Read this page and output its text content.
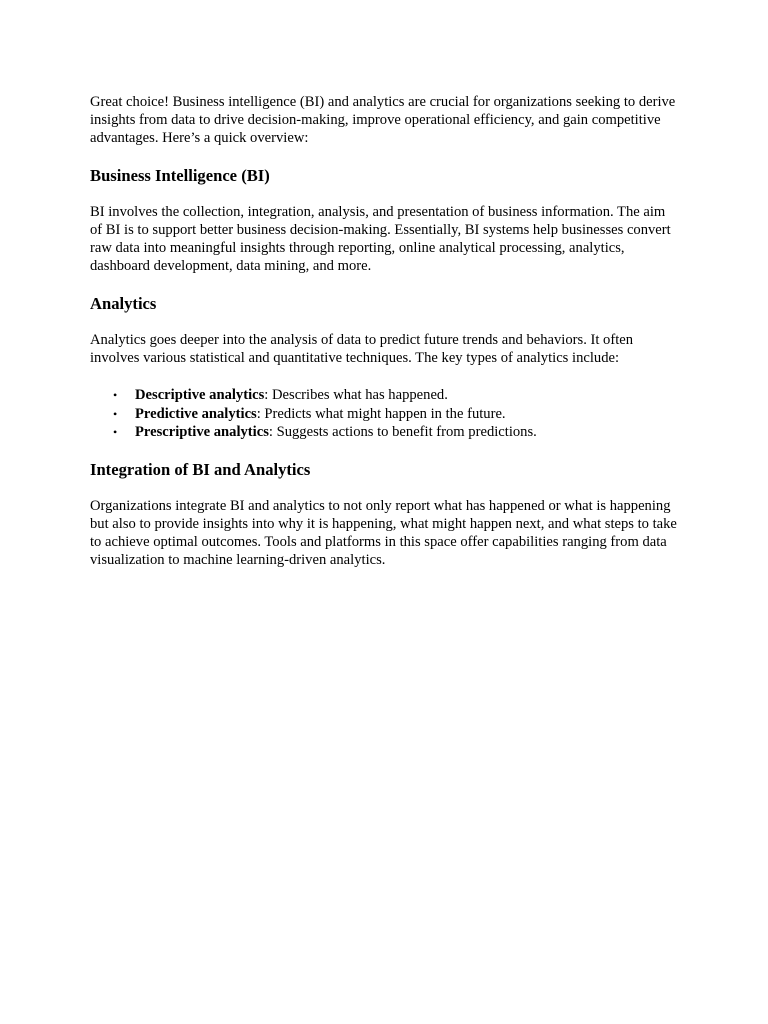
Great choice! Business intelligence (BI) and analytics are crucial for organizations seeking to derive insights from data to drive decision-making, improve operational efficiency, and gain competitive advantages. Here’s a quick overview:

Business Intelligence (BI)

BI involves the collection, integration, analysis, and presentation of business information. The aim of BI is to support better business decision-making. Essentially, BI systems help businesses convert raw data into meaningful insights through reporting, online analytical processing, analytics, dashboard development, data mining, and more.

Analytics

Analytics goes deeper into the analysis of data to predict future trends and behaviors. It often involves various statistical and quantitative techniques. The key types of analytics include:

• Descriptive analytics: Describes what has happened.
• Predictive analytics: Predicts what might happen in the future.
• Prescriptive analytics: Suggests actions to benefit from predictions.
Integration of BI and Analytics

Organizations integrate BI and analytics to not only report what has happened or what is happening but also to provide insights into why it is happening, what might happen next, and what steps to take to achieve optimal outcomes. Tools and platforms in this space offer capabilities ranging from data visualization to machine learning-driven analytics.
